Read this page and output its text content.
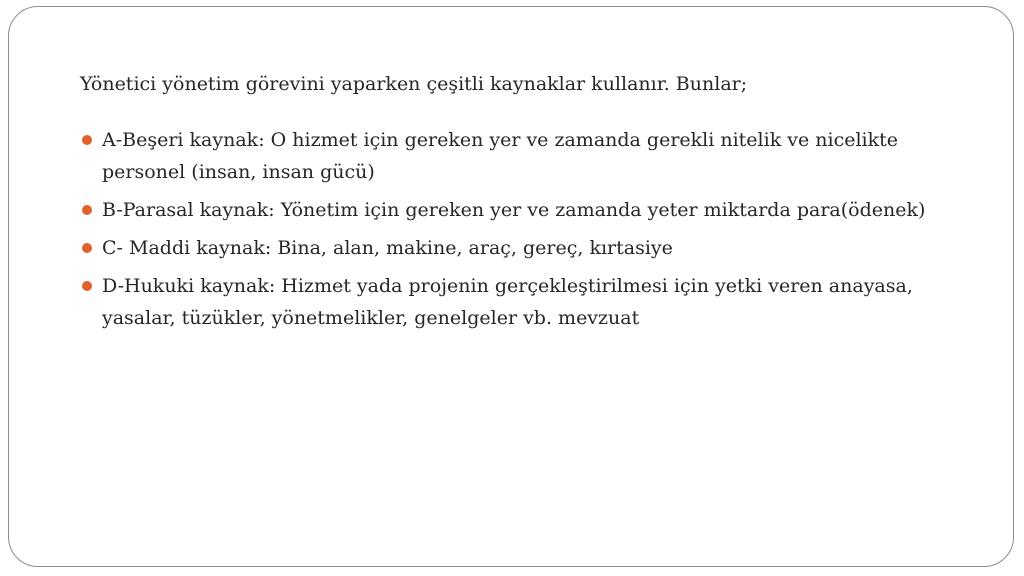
Yönetici yönetim görevini yaparken çeşitli kaynaklar kullanır. Bunlar;

A-Beşeri kaynak: O hizmet için gereken yer ve zamanda gerekli nitelik ve nicelikte personel (insan, insan gücü)
B-Parasal kaynak: Yönetim için gereken yer ve zamanda yeter miktarda para(ödenek)
C- Maddi kaynak: Bina, alan, makine, araç, gereç, kırtasiye
D-Hukuki kaynak: Hizmet yada projenin gerçekleştirilmesi için yetki veren anayasa, yasalar, tüzükler, yönetmelikler, genelgeler vb. mevzuat
